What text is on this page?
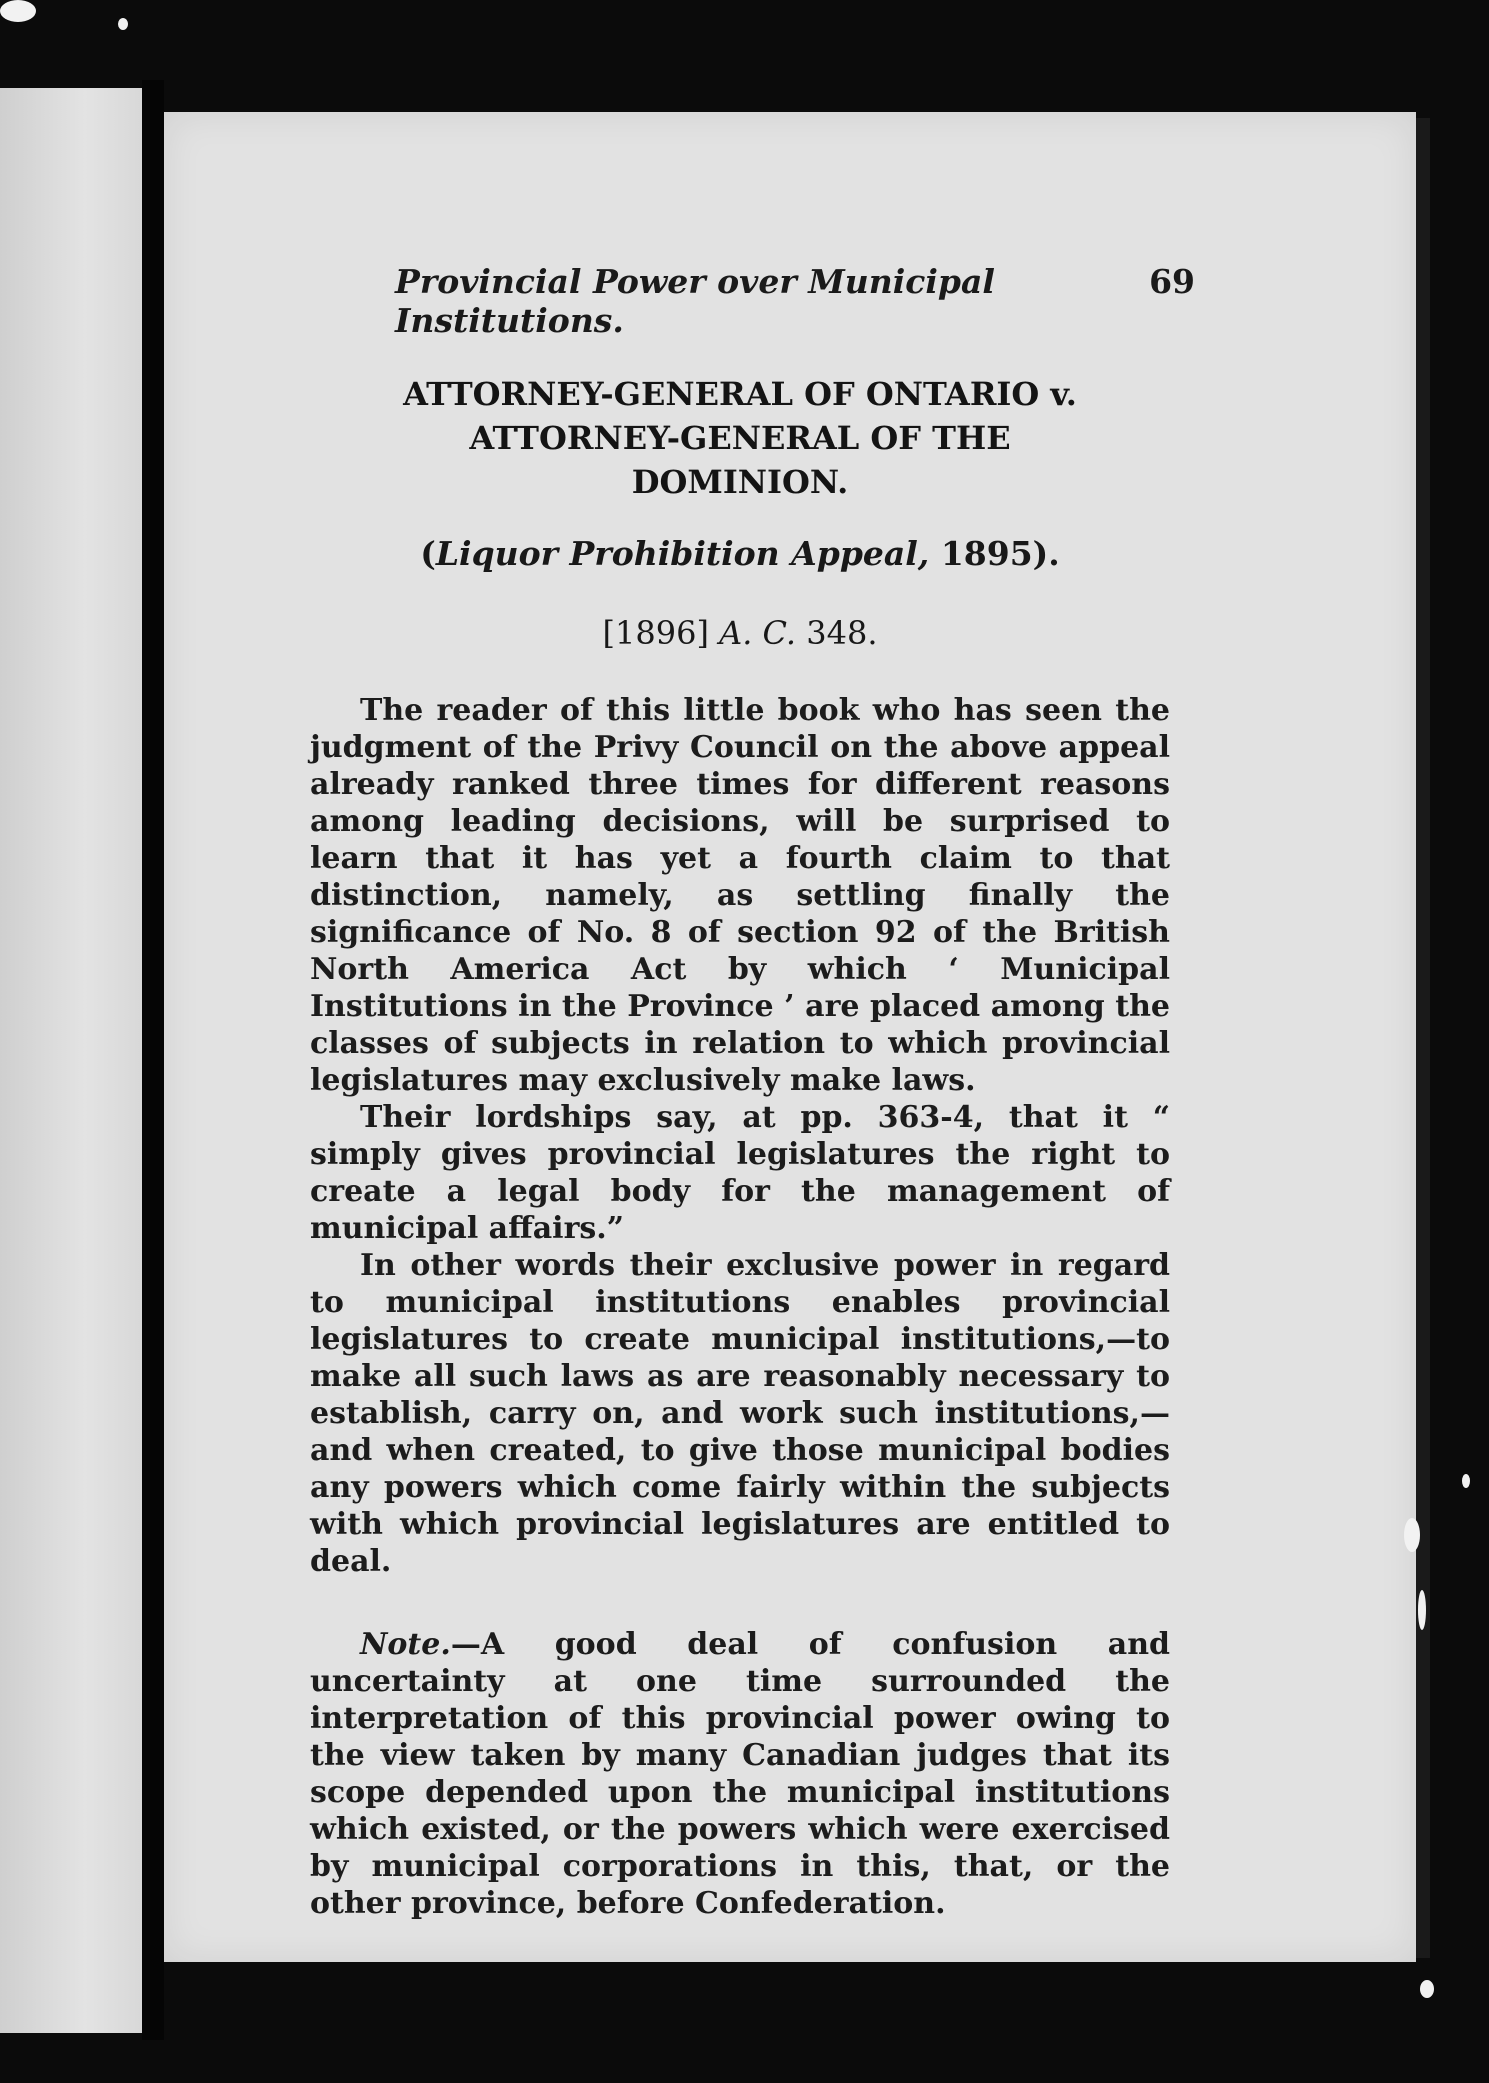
Provincial Power over Municipal Institutions.
69
ATTORNEY-GENERAL OF ONTARIO v.
ATTORNEY-GENERAL OF THE
DOMINION.
(Liquor Prohibition Appeal, 1895).
[1896] A. C. 348.

The reader of this little book who has seen the judgment of the Privy Council on the above appeal already ranked three times for different reasons among leading decisions, will be surprised to learn that it has yet a fourth claim to that distinction, namely, as settling finally the significance of No. 8 of section 92 of the British North America Act by which ‘ Municipal Institutions in the Province ’ are placed among the classes of subjects in relation to which provincial legislatures may exclusively make laws.

Their lordships say, at pp. 363-4, that it “ simply gives provincial legislatures the right to create a legal body for the management of municipal affairs.”

In other words their exclusive power in regard to municipal institutions enables provincial legislatures to create municipal institutions,—to make all such laws as are reasonably necessary to establish, carry on, and work such institutions,—and when created, to give those municipal bodies any powers which come fairly within the subjects with which provincial legislatures are entitled to deal.

Note.—A good deal of confusion and uncertainty at one time surrounded the interpretation of this provincial power owing to the view taken by many Canadian judges that its scope depended upon the municipal institutions which existed, or the powers which were exercised by municipal corporations in this, that, or the other province, before Confederation.
